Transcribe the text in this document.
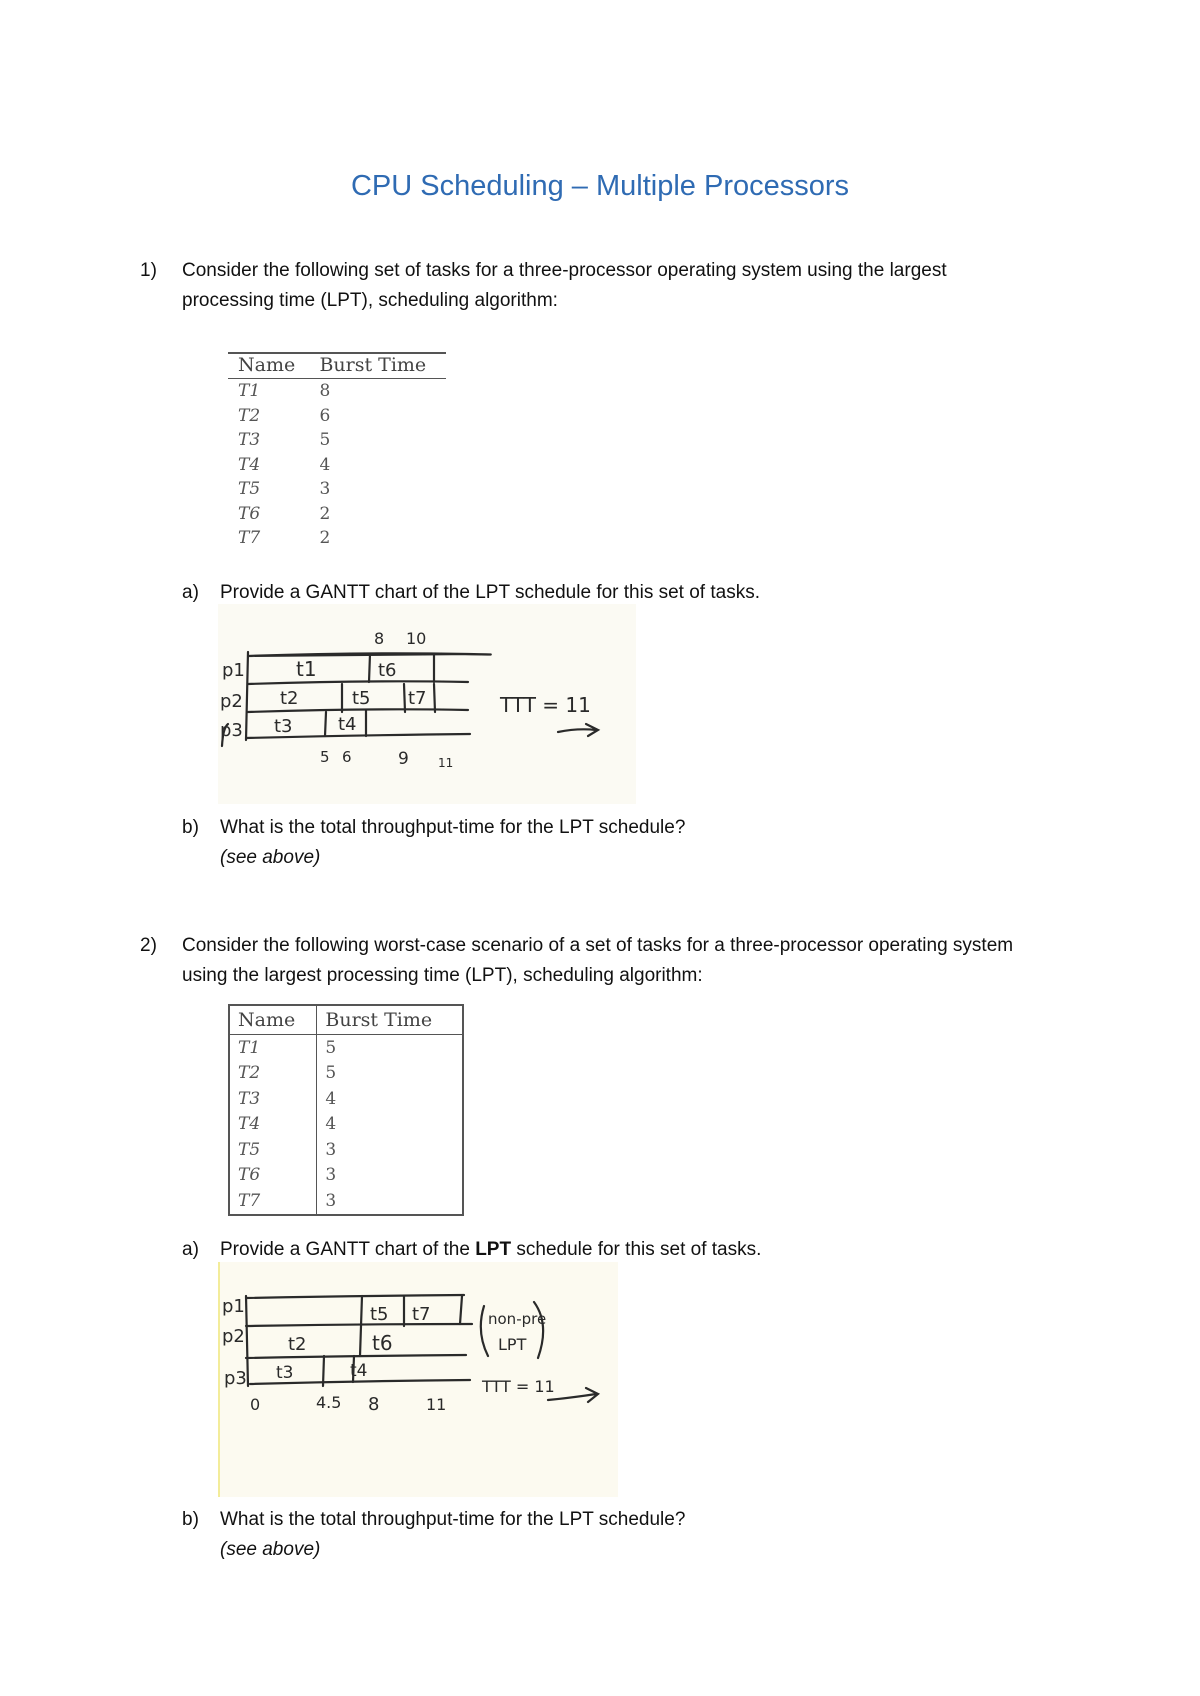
CPU Scheduling – Multiple Processors
1) Consider the following set of tasks for a three-processor operating system using the largest processing time (LPT), scheduling algorithm:
Name	Burst Time
T1	8
T2	6
T3	5
T4	4
T5	3
T6	2
T7	2
a) Provide a GANTT chart of the LPT schedule for this set of tasks.
p1
p2
p3
t1	t6
t2	t5 t7
t3	t4
8 10
5 6	9 11
TTT = 11
b) What is the total throughput-time for the LPT schedule?
(see above)
2) Consider the following worst-case scenario of a set of tasks for a three-processor operating system using the largest processing time (LPT), scheduling algorithm:
Name	Burst Time
T1	5
T2	5
T3	4
T4	4
T5	3
T6	3
T7	3
a) Provide a GANTT chart of the LPT schedule for this set of tasks.
p1
p2
p3
t5 t7
t2	t6
t3	t4
0	4.5 8	11
non-pre
LPT
TTT = 11
b) What is the total throughput-time for the LPT schedule?
(see above)
